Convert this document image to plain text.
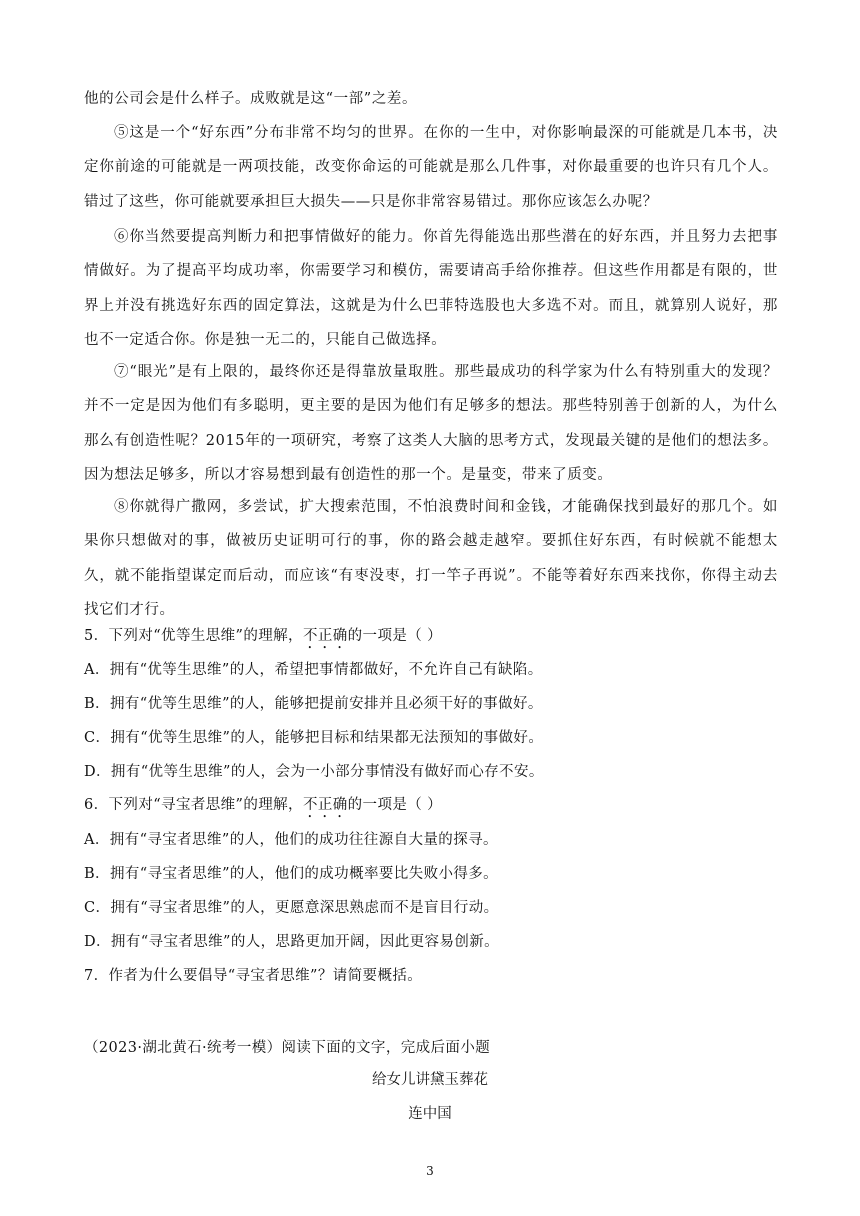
他的公司会是什么样子。成败就是这“一部”之差。

⑤这是一个“好东西”分布非常不均匀的世界。在你的一生中，对你影响最深的可能就是几本书，决定你前途的可能就是一两项技能，改变你命运的可能就是那么几件事，对你最重要的也许只有几个人。错过了这些，你可能就要承担巨大损失——只是你非常容易错过。那你应该怎么办呢？

⑥你当然要提高判断力和把事情做好的能力。你首先得能选出那些潜在的好东西，并且努力去把事情做好。为了提高平均成功率，你需要学习和模仿，需要请高手给你推荐。但这些作用都是有限的，世界上并没有挑选好东西的固定算法，这就是为什么巴菲特选股也大多选不对。而且，就算别人说好，那也不一定适合你。你是独一无二的，只能自己做选择。

⑦“眼光”是有上限的，最终你还是得靠放量取胜。那些最成功的科学家为什么有特别重大的发现？并不一定是因为他们有多聪明，更主要的是因为他们有足够多的想法。那些特别善于创新的人，为什么那么有创造性呢？2015年的一项研究，考察了这类人大脑的思考方式，发现最关键的是他们的想法多。因为想法足够多，所以才容易想到最有创造性的那一个。是量变，带来了质变。

⑧你就得广撒网，多尝试，扩大搜索范围，不怕浪费时间和金钱，才能确保找到最好的那几个。如果你只想做对的事，做被历史证明可行的事，你的路会越走越窄。要抓住好东西，有时候就不能想太久，就不能指望谋定而后动，而应该“有枣没枣，打一竿子再说”。不能等着好东西来找你，你得主动去找它们才行。

5．下列对“优等生思维”的理解，不正确的一项是（ ）
A．拥有“优等生思维”的人，希望把事情都做好，不允许自己有缺陷。
B．拥有“优等生思维”的人，能够把提前安排并且必须干好的事做好。
C．拥有“优等生思维”的人，能够把目标和结果都无法预知的事做好。
D．拥有“优等生思维”的人，会为一小部分事情没有做好而心存不安。
6．下列对“寻宝者思维”的理解，不正确的一项是（ ）
A．拥有“寻宝者思维”的人，他们的成功往往源自大量的探寻。
B．拥有“寻宝者思维”的人，他们的成功概率要比失败小得多。
C．拥有“寻宝者思维”的人，更愿意深思熟虑而不是盲目行动。
D．拥有“寻宝者思维”的人，思路更加开阔，因此更容易创新。
7．作者为什么要倡导“寻宝者思维”？请简要概括。
（2023·湖北黄石·统考一模）阅读下面的文字，完成后面小题
给女儿讲黛玉葬花
连中国
3
